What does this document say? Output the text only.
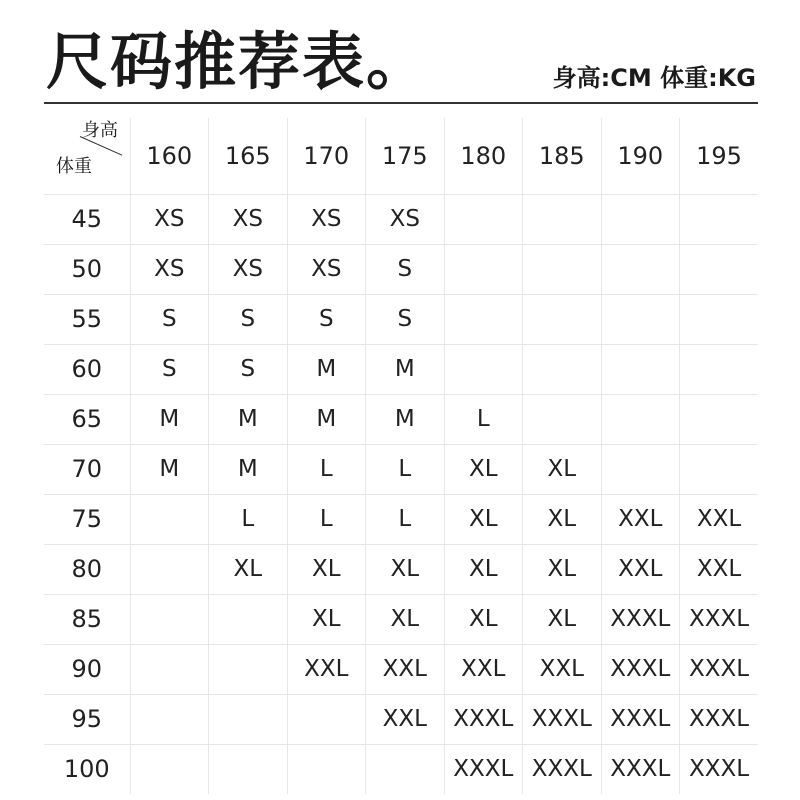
尺码推荐表。	身高:CM 体重:KG
身高
体重	160	165	170	175	180	185	190	195
45	XS	XS	XS	XS				
50	XS	XS	XS	S				
55	S	S	S	S				
60	S	S	M	M				
65	M	M	M	M	L			
70	M	M	L	L	XL	XL		
75		L	L	L	XL	XL	XXL	XXL
80		XL	XL	XL	XL	XL	XXL	XXL
85			XL	XL	XL	XL	XXXL	XXXL
90			XXL	XXL	XXL	XXL	XXXL	XXXL
95				XXL	XXXL	XXXL	XXXL	XXXL
100					XXXL	XXXL	XXXL	XXXL
